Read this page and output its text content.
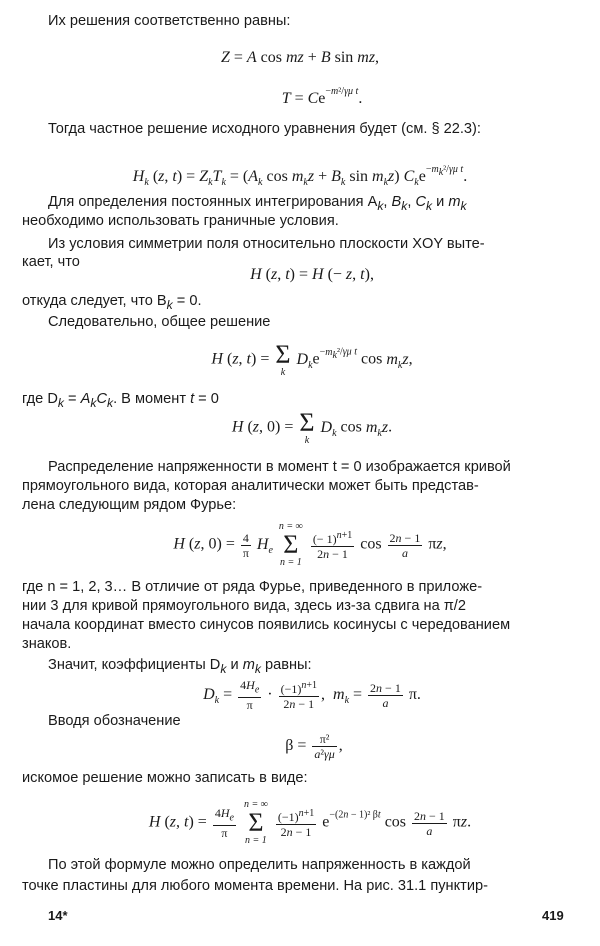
Их решения соответственно равны:
Z = A cos mz + B sin mz,
$T = Ce^{-m^2/\gamma\mu t}$.
Тогда частное решение исходного уравнения будет (см. § 22.3):
$H_k$ (z, $t) = Z_kT_k = (A_k$ $\cos m_kz + B_k$ $\sin m_kz$) $C_ke^{-m_k^2/\gamma\mu t}$.
Для определения постоянных интегрирования $A_k$, $B_k$, $C_k$ и $m_k$
необходимо использовать граничные условия.
Из условия симметрии поля относительно плоскости XOY выте-
кает, что
H (z, t) = H (− z, t),
откуда следует, что $B_k = 0$.
Следовательно, общее решение
H (z, t) = Σ
k
$D_ke^{-m_k^2/\gamma\mu t}$ $\cos m_kz$,
где $D_k = A_kC_k$. В момент t = 0
H (z, 0) = Σ
k
$D_k$ $\cos m_kz$.
Распределение напряженности в момент t = 0 изображается кривой
прямоугольного вида, которая аналитически может быть представ-
лена следующим рядом Фурье:
H (z, $0) = \frac{4}{\pi} H_e$
n = ∞
Σ
n = 1

$\frac{(- 1)^{n+1}}{2n - 1}$ $\cos \frac{2n - 1}{a} \pi z$,
где n = 1, 2, 3… В отличие от ряда Фурье, приведенного в приложе-
нии 3 для кривой прямоугольного вида, здесь из-за сдвига на π/2
начала координат вместо синусов появились косинусы с чередованием
знаков.
Значит, коэффициенты $D_k$ и $m_k$ равны:
$D_k = \frac{4H_e}{\pi} \cdot \frac{(-1)^{n+1}}{2n - 1}$ ,  $m_k = \frac{2n - 1}{a} \pi$.
Вводя обозначение
$\beta = \frac{\text{π²}}{\text{a²γμ}}$ ,
искомое решение можно записать в виде:
H (z, $t) = \frac{4H_e}{\pi}$

n = ∞
Σ
n = 1

$\frac{(-1)^{n+1}}{2n - 1} e^{-(2n - 1)^2 \beta t}$ $\cos \frac{2n - 1}{a} \pi z$.
По этой формуле можно определить напряженность в каждой
точке пластины для любого момента времени. На рис. 31.1 пунктир-
14*	419
